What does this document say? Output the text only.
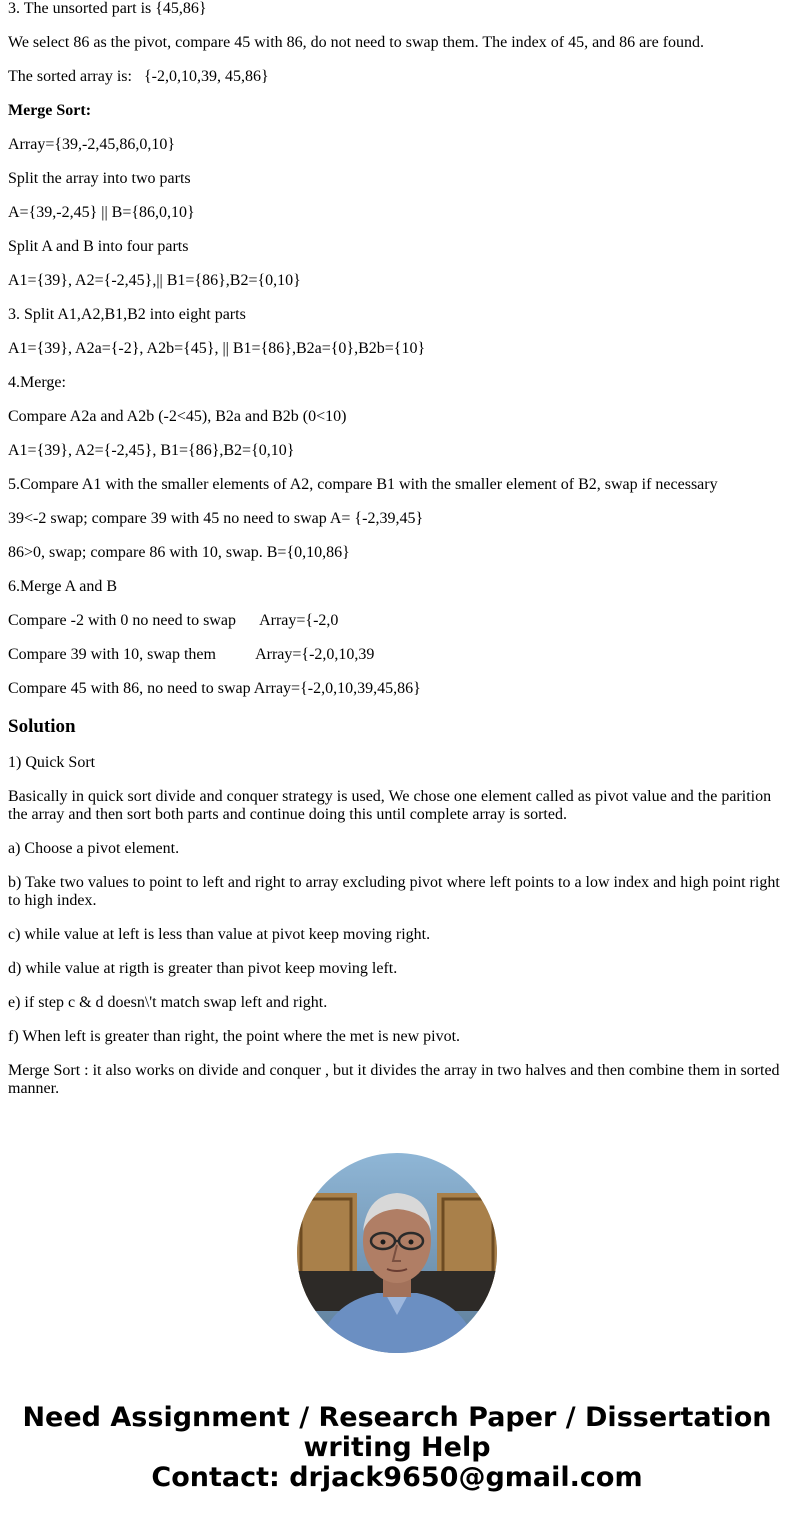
3. The unsorted part is {45,86}

We select 86 as the pivot, compare 45 with 86, do not need to swap them. The index of 45, and 86 are found.

The sorted array is:   {-2,0,10,39, 45,86}

Merge Sort:

Array={39,-2,45,86,0,10}

Split the array into two parts

A={39,-2,45} || B={86,0,10}

Split A and B into four parts

A1={39}, A2={-2,45},|| B1={86},B2={0,10}

3. Split A1,A2,B1,B2 into eight parts

A1={39}, A2a={-2}, A2b={45}, || B1={86},B2a={0},B2b={10}

4.Merge:

Compare A2a and A2b (-2<45), B2a and B2b (0<10)

A1={39}, A2={-2,45}, B1={86},B2={0,10}

5.Compare A1 with the smaller elements of A2, compare B1 with the smaller element of B2, swap if necessary

39<-2 swap; compare 39 with 45 no need to swap A= {-2,39,45}

86>0, swap; compare 86 with 10, swap. B={0,10,86}

6.Merge A and B

Compare -2 with 0 no need to swap      Array={-2,0

Compare 39 with 10, swap them          Array={-2,0,10,39

Compare 45 with 86, no need to swap Array={-2,0,10,39,45,86}

Solution

1) Quick Sort

Basically in quick sort divide and conquer strategy is used, We chose one element called as pivot value and the parition the array and then sort both parts and continue doing this until complete array is sorted.

a) Choose a pivot element.

b) Take two values to point to left and right to array excluding pivot where left points to a low index and high point right to high index.

c) while value at left is less than value at pivot keep moving right.

d) while value at rigth is greater than pivot keep moving left.

e) if step c & d doesn\'t match swap left and right.

f) When left is greater than right, the point where the met is new pivot.

Merge Sort : it also works on divide and conquer , but it divides the array in two halves and then combine them in sorted manner.

Need Assignment / Research Paper / Dissertation
writing Help
Contact: drjack9650@gmail.com
